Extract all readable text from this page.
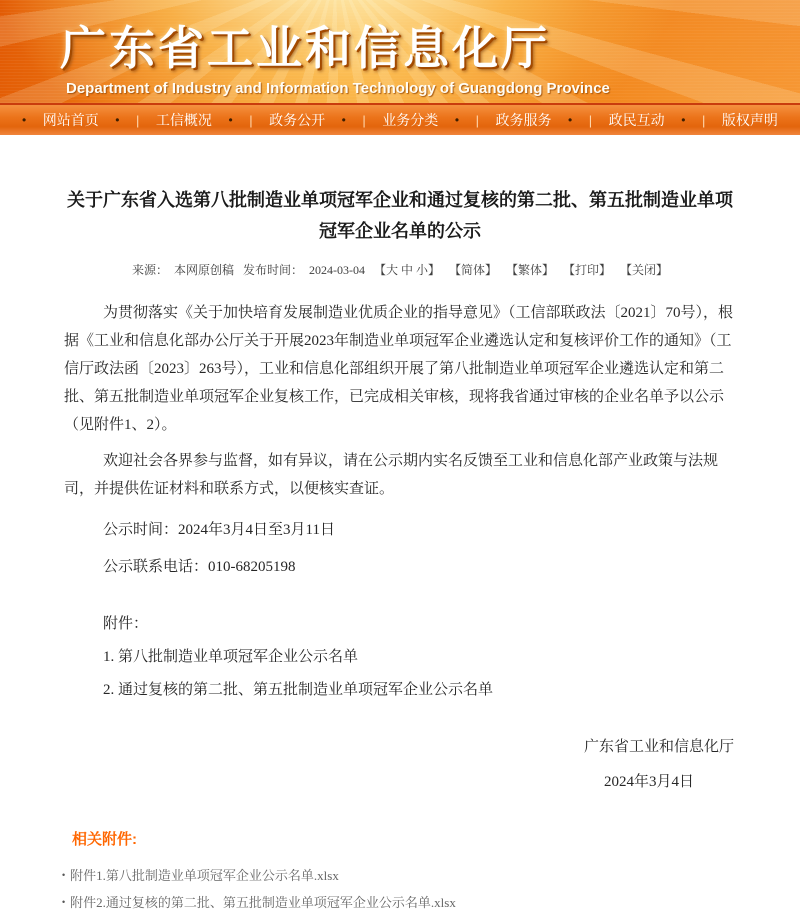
广东省工业和信息化厅
Department of Industry and Information Technology of Guangdong Province
• 网站首页 • | 工信概况 • | 政务公开 • | 业务分类 • | 政务服务 • | 政民互动 • | 版权声明
关于广东省入选第八批制造业单项冠军企业和通过复核的第二批、第五批制造业单项冠军企业名单的公示
来源： 本网原创稿 发布时间： 2024-03-04 【大 中 小】 【简体】 【繁体】 【打印】 【关闭】

为贯彻落实《关于加快培育发展制造业优质企业的指导意见》（工信部联政法〔2021〕70号），根据《工业和信息化部办公厅关于开展2023年制造业单项冠军企业遴选认定和复核评价工作的通知》（工信厅政法函〔2023〕263号），工业和信息化部组织开展了第八批制造业单项冠军企业遴选认定和第二批、第五批制造业单项冠军企业复核工作，已完成相关审核，现将我省通过审核的企业名单予以公示（见附件1、2）。

欢迎社会各界参与监督，如有异议，请在公示期内实名反馈至工业和信息化部产业政策与法规司，并提供佐证材料和联系方式，以便核实查证。

公示时间：2024年3月4日至3月11日

公示联系电话：010-68205198

附件：

1. 第八批制造业单项冠军企业公示名单

2. 通过复核的第二批、第五批制造业单项冠军企业公示名单

广东省工业和信息化厅

2024年3月4日

相关附件:
• 附件1.第八批制造业单项冠军企业公示名单.xlsx
• 附件2.通过复核的第二批、第五批制造业单项冠军企业公示名单.xlsx
